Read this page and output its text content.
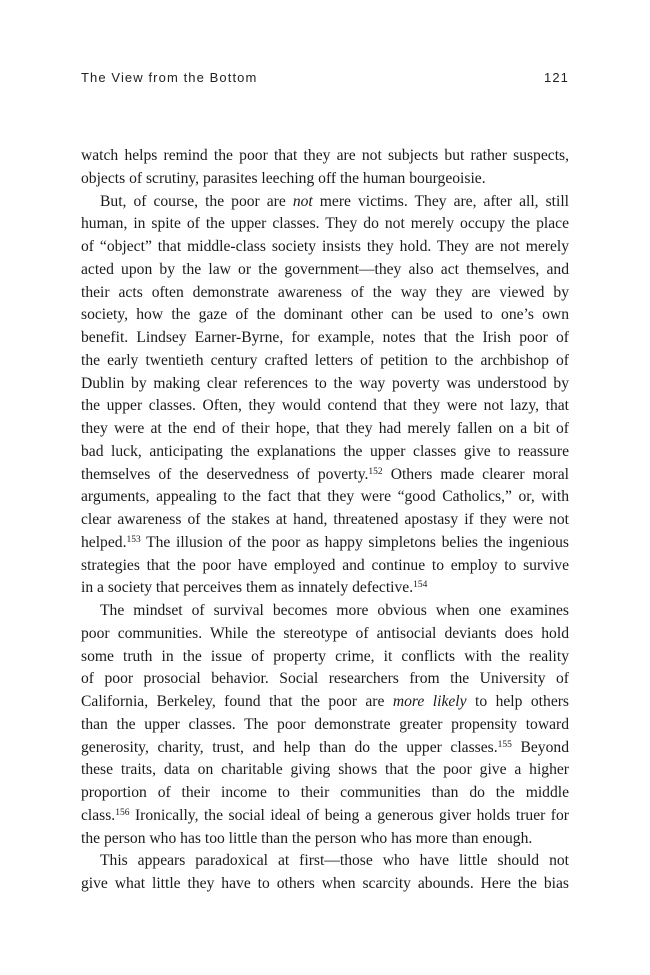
The View from the Bottom	121
watch helps remind the poor that they are not subjects but rather suspects,
objects of scrutiny, parasites leeching off the human bourgeoisie.
But, of course, the poor are not mere victims. They are, after all, still
human, in spite of the upper classes. They do not merely occupy the place
of “object” that middle-class society insists they hold. They are not merely
acted upon by the law or the government—they also act themselves, and
their acts often demonstrate awareness of the way they are viewed by
society, how the gaze of the dominant other can be used to one’s own
benefit. Lindsey Earner-Byrne, for example, notes that the Irish poor of
the early twentieth century crafted letters of petition to the archbishop of
Dublin by making clear references to the way poverty was understood by
the upper classes. Often, they would contend that they were not lazy, that
they were at the end of their hope, that they had merely fallen on a bit of
bad luck, anticipating the explanations the upper classes give to reassure
themselves of the deservedness of poverty.$^{152}$ Others made clearer moral
arguments, appealing to the fact that they were “good Catholics,” or, with
clear awareness of the stakes at hand, threatened apostasy if they were not
helped.$^{153}$ The illusion of the poor as happy simpletons belies the ingenious
strategies that the poor have employed and continue to employ to survive
in a society that perceives them as innately defective.$^{154}$
The mindset of survival becomes more obvious when one examines
poor communities. While the stereotype of antisocial deviants does hold
some truth in the issue of property crime, it conflicts with the reality
of poor prosocial behavior. Social researchers from the University of
California, Berkeley, found that the poor are more likely to help others
than the upper classes. The poor demonstrate greater propensity toward
generosity, charity, trust, and help than do the upper classes.$^{155}$ Beyond
these traits, data on charitable giving shows that the poor give a higher
proportion of their income to their communities than do the middle
class.$^{156}$ Ironically, the social ideal of being a generous giver holds truer for
the person who has too little than the person who has more than enough.
This appears paradoxical at first—those who have little should not
give what little they have to others when scarcity abounds. Here the bias
